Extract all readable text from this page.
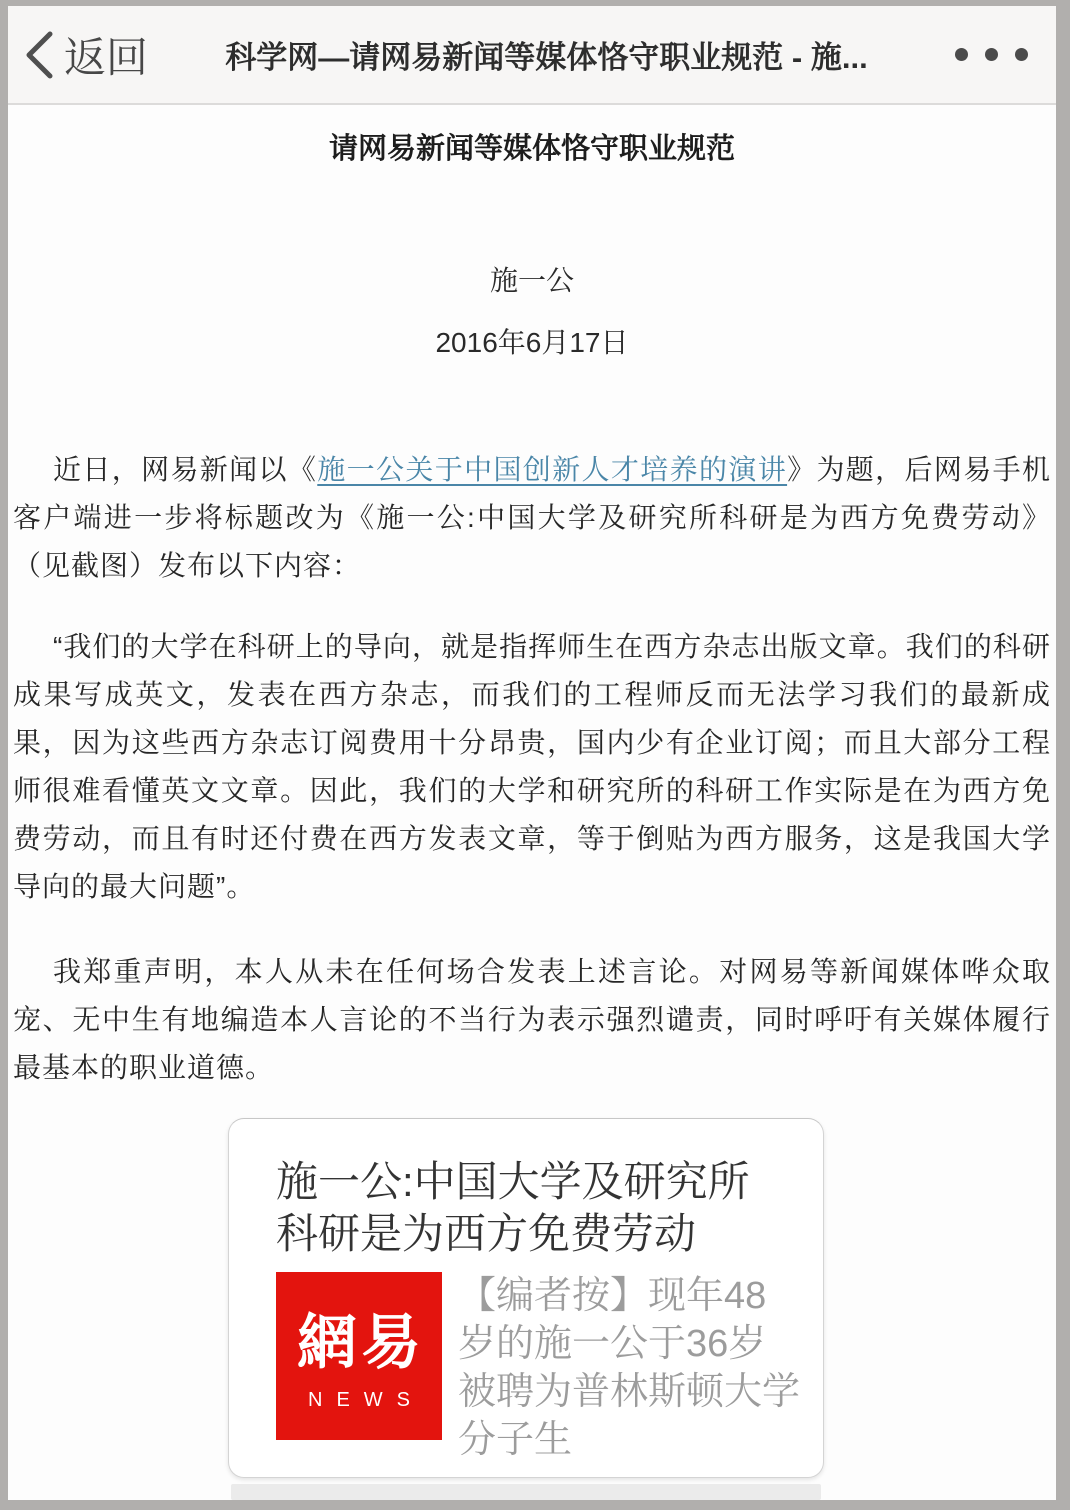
返回	科学网—请网易新闻等媒体恪守职业规范 - 施...
请网易新闻等媒体恪守职业规范
施一公
2016年6月17日

近日，网易新闻以《施一公关于中国创新人才培养的演讲》为题，后网易手机客户端进一步将标题改为《施一公:中国大学及研究所科研是为西方免费劳动》（见截图）发布以下内容：

“我们的大学在科研上的导向，就是指挥师生在西方杂志出版文章。我们的科研成果写成英文，发表在西方杂志，而我们的工程师反而无法学习我们的最新成果，因为这些西方杂志订阅费用十分昂贵，国内少有企业订阅；而且大部分工程师很难看懂英文文章。因此，我们的大学和研究所的科研工作实际是在为西方免费劳动，而且有时还付费在西方发表文章，等于倒贴为西方服务，这是我国大学导向的最大问题”。

我郑重声明，本人从未在任何场合发表上述言论。对网易等新闻媒体哗众取宠、无中生有地编造本人言论的不当行为表示强烈谴责，同时呼吁有关媒体履行最基本的职业道德。

施一公:中国大学及研究所
科研是为西方免费劳动
網易
NEWS
【编者按】现年48
岁的施一公于36岁
被聘为普林斯顿大学
分子生
